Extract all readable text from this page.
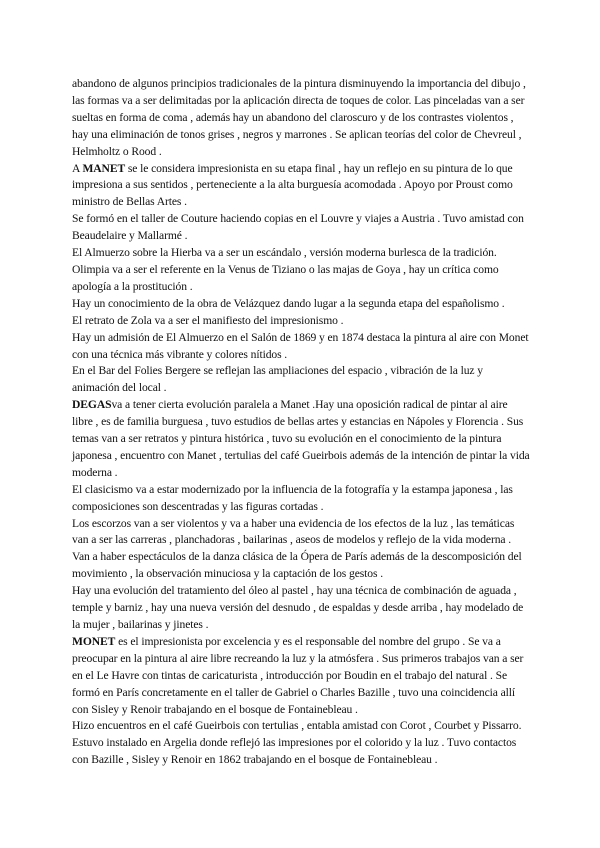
abandono de algunos principios tradicionales de la pintura disminuyendo la importancia del dibujo , las formas va a ser delimitadas por la aplicación directa de toques de color. Las pinceladas van a ser sueltas en forma de coma , además hay un abandono del claroscuro y de los contrastes violentos , hay una eliminación de tonos grises , negros y marrones . Se aplican teorías del color de Chevreul , Helmholtz o Rood .

A MANET se le considera impresionista en su etapa final , hay un reflejo en su pintura de lo que impresiona a sus sentidos , perteneciente a la alta burguesía acomodada . Apoyo por Proust como ministro de Bellas Artes .

Se formó en el taller de Couture haciendo copias en el Louvre y viajes a Austria . Tuvo amistad con Beaudelaire y Mallarmé .

El Almuerzo sobre la Hierba va a ser un escándalo , versión moderna burlesca de la tradición.

Olimpia va a ser el referente en la Venus de Tiziano o las majas de Goya , hay un crítica como apología a la prostitución .

Hay un conocimiento de la obra de Velázquez dando lugar a la segunda etapa del españolismo .

El retrato de Zola va a ser el manifiesto del impresionismo .

Hay un admisión de El Almuerzo en el Salón de 1869 y en 1874 destaca la pintura al aire con Monet con una técnica más vibrante y colores nítidos .

En el Bar del Folies Bergere se reflejan las ampliaciones del espacio , vibración de la luz y animación del local .

DEGASva a tener cierta evolución paralela a Manet .Hay una oposición radical de pintar al aire libre , es de familia burguesa , tuvo estudios de bellas artes y estancias en Nápoles y Florencia . Sus temas van a ser retratos y pintura histórica , tuvo su evolución en el conocimiento de la pintura japonesa , encuentro con Manet , tertulias del café Gueirbois además de la intención de pintar la vida moderna .

El clasicismo va a estar modernizado por la influencia de la fotografía y la estampa japonesa , las composiciones son descentradas y las figuras cortadas .

Los escorzos van a ser violentos y va a haber una evidencia de los efectos de la luz , las temáticas van a ser las carreras , planchadoras , bailarinas , aseos de modelos y reflejo de la vida moderna . Van a haber espectáculos de la danza clásica de la Ópera de París además de la descomposición del movimiento , la observación minuciosa y la captación de los gestos .

Hay una evolución del tratamiento del óleo al pastel , hay una técnica de combinación de aguada , temple y barniz , hay una nueva versión del desnudo , de espaldas y desde arriba , hay modelado de la mujer , bailarinas y jinetes .

MONET es el impresionista por excelencia y es el responsable del nombre del grupo . Se va a preocupar en la pintura al aire libre recreando la luz y la atmósfera . Sus primeros trabajos van a ser en el Le Havre con tintas de caricaturista , introducción por Boudin en el trabajo del natural . Se formó en París concretamente en el taller de Gabriel o Charles Bazille , tuvo una coincidencia allí con Sisley y Renoir trabajando en el bosque de Fontainebleau .

Hizo encuentros en el café Gueirbois con tertulias , entabla amistad con Corot , Courbet y Pissarro.

Estuvo instalado en Argelia donde reflejó las impresiones por el colorido y la luz . Tuvo contactos con Bazille , Sisley y Renoir en 1862 trabajando en el bosque de Fontainebleau .
